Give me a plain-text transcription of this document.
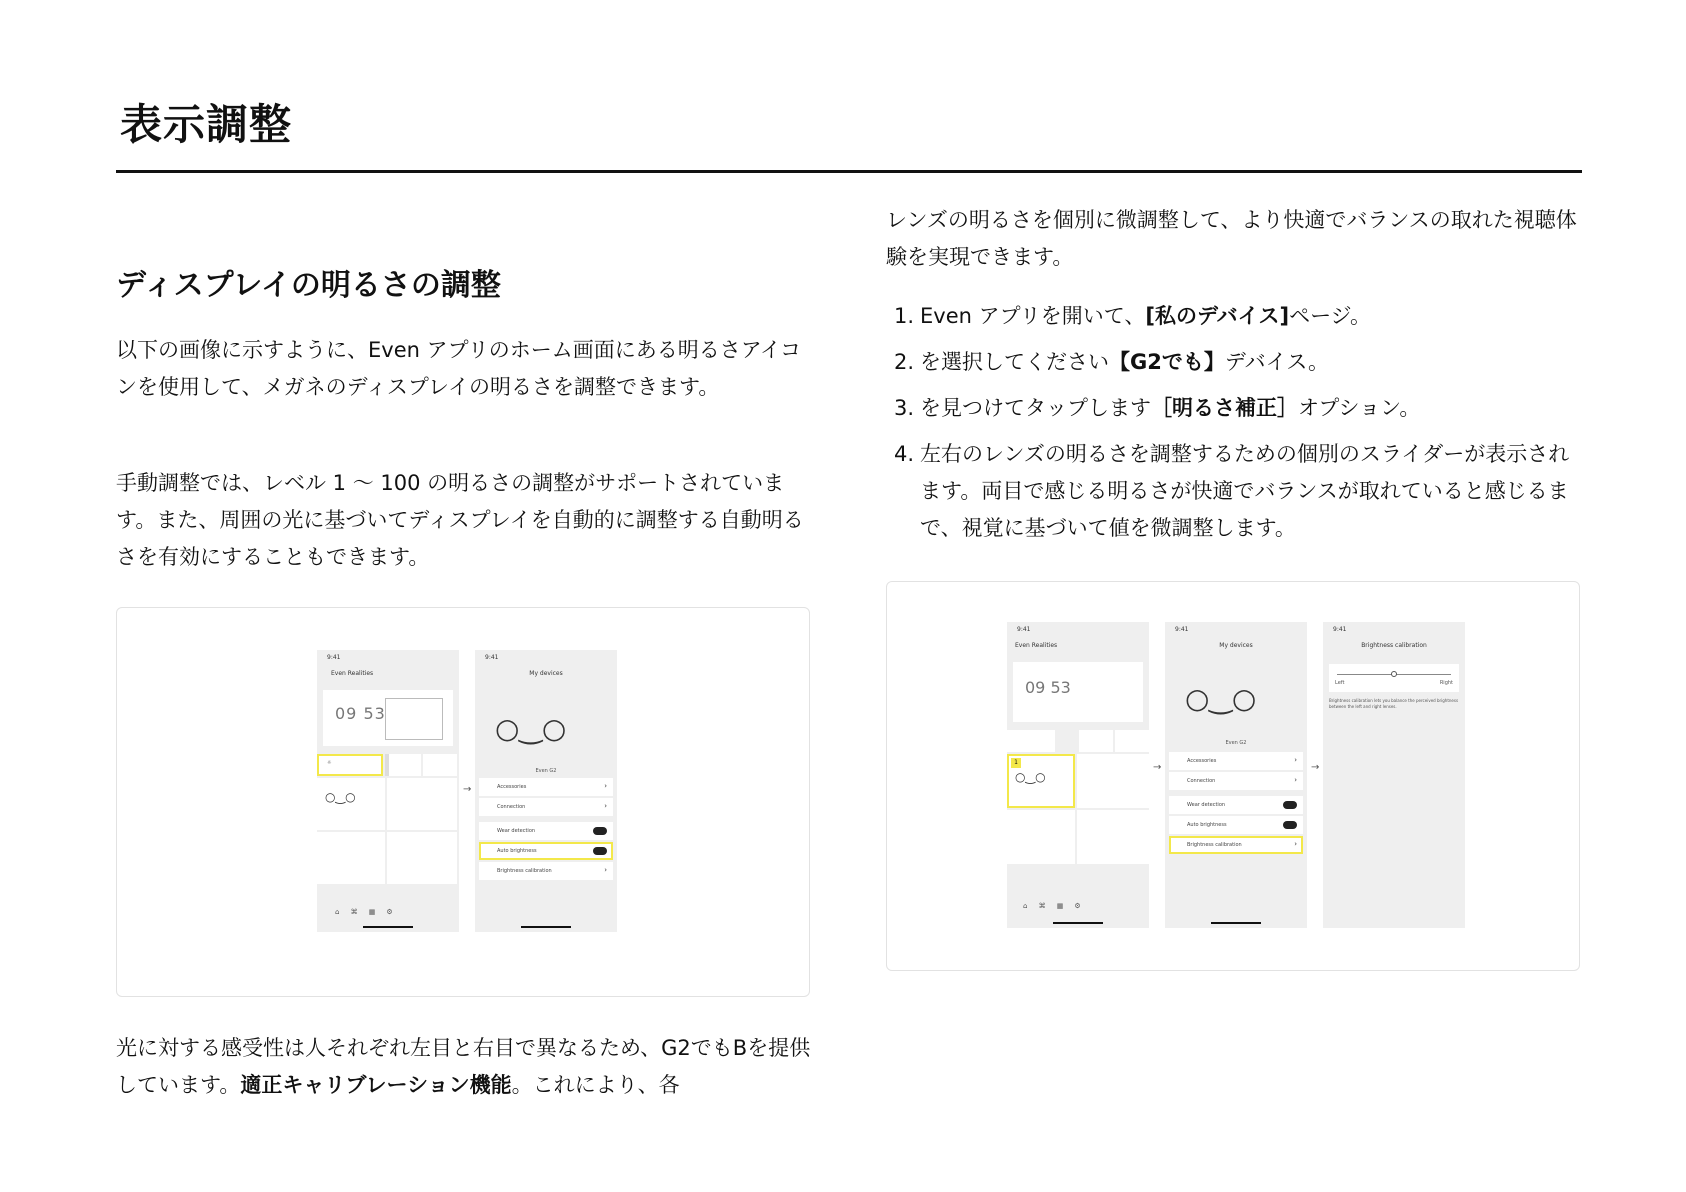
表示調整
ディスプレイの明るさの調整
以下の画像に示すように、Even アプリのホーム画面にある明るさアイコンを使用して、メガネのディスプレイの明るさを調整できます。
手動調整では、レベル 1 ～ 100 の明るさの調整がサポートされています。また、周囲の光に基づいてディスプレイを自動的に調整する自動明るさを有効にすることもできます。
9:41
Even Realities
09 53
☼
○‿○
⌂     ⌘     ▦     ⚙
→
9:41
My devices
○‿○
Even G2
Accessories	›
Connection	›
Wear detection
Auto brightness
Brightness calibration	›
光に対する感受性は人それぞれ左目と右目で異なるため、G2でもBを提供しています。適正キャリブレーション機能。これにより、各
レンズの明るさを個別に微調整して、より快適でバランスの取れた視聴体験を実現できます。
1. Even アプリを開いて、[私のデバイス]ページ。
2. を選択してください【G2でも】デバイス。
3. を見つけてタップします［明るさ補正］オプション。
4. 左右のレンズの明るさを調整するための個別のスライダーが表示されます。両目で感じる明るさが快適でバランスが取れていると感じるまで、視覚に基づいて値を微調整します。
9:41
Even Realities
09 53
1
○‿○
⌂     ⌘     ▦     ⚙
→
9:41
My devices
○‿○
Even G2
Accessories	›
Connection	›
Wear detection
Auto brightness
Brightness calibration	›
→
9:41
Brightness calibration
Left	Right
Brightness calibration lets you balance the perceived brightness between the left and right lenses.
